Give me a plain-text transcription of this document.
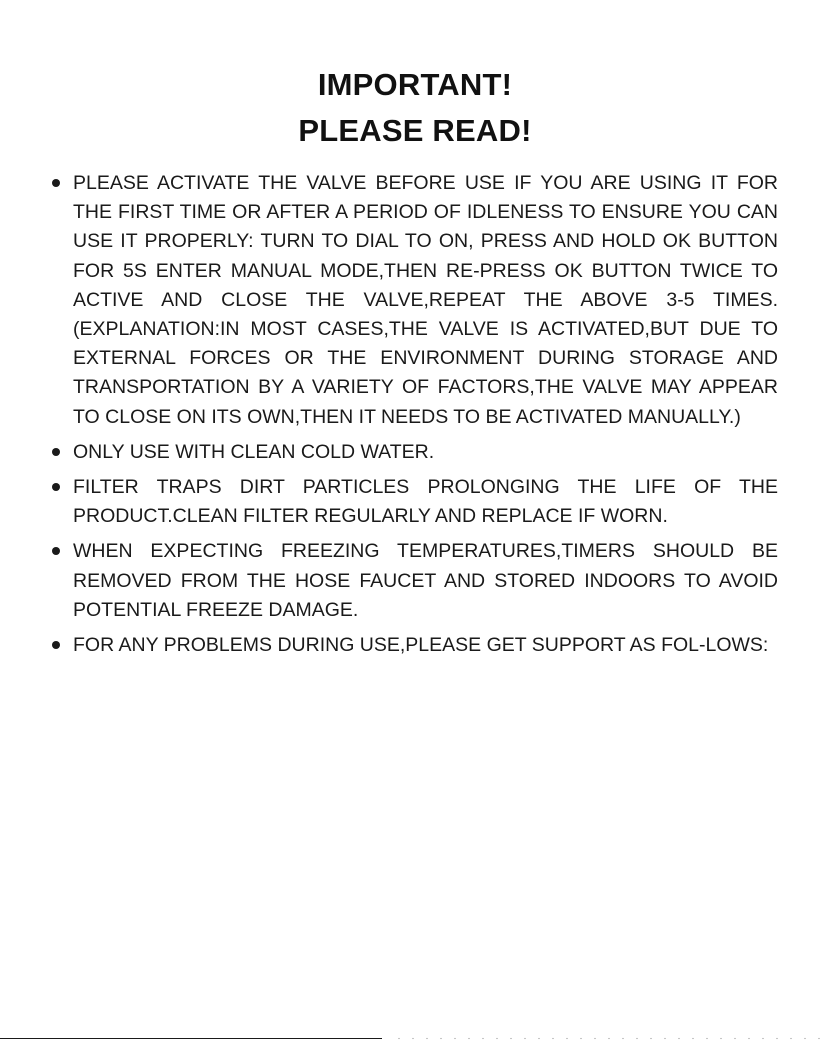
IMPORTANT!
PLEASE READ!
PLEASE ACTIVATE THE VALVE BEFORE USE IF YOU ARE USING IT FOR THE FIRST TIME OR AFTER A PERIOD OF IDLENESS TO ENSURE YOU CAN USE IT PROPERLY: TURN TO DIAL TO ON, PRESS AND HOLD OK BUTTON FOR 5S ENTER MANUAL MODE,THEN RE-PRESS OK BUTTON TWICE TO ACTIVE AND CLOSE THE VALVE,REPEAT THE ABOVE 3-5 TIMES.(EXPLANATION:IN MOST CASES,THE VALVE IS ACTIVATED,BUT DUE TO EXTERNAL FORCES OR THE ENVIRONMENT DURING STORAGE AND TRANSPORTATION BY A VARIETY OF FACTORS,THE VALVE MAY APPEAR TO CLOSE ON ITS OWN,THEN IT NEEDS TO BE ACTIVATED MANUALLY.)
ONLY USE WITH CLEAN COLD WATER.
FILTER TRAPS DIRT PARTICLES PROLONGING THE LIFE OF THE PRODUCT.CLEAN FILTER REGULARLY AND REPLACE IF WORN.
WHEN EXPECTING FREEZING TEMPERATURES,TIMERS SHOULD BE REMOVED FROM THE HOSE FAUCET AND STORED INDOORS TO AVOID POTENTIAL FREEZE DAMAGE.
FOR ANY PROBLEMS DURING USE,PLEASE GET SUPPORT AS FOL-LOWS:
